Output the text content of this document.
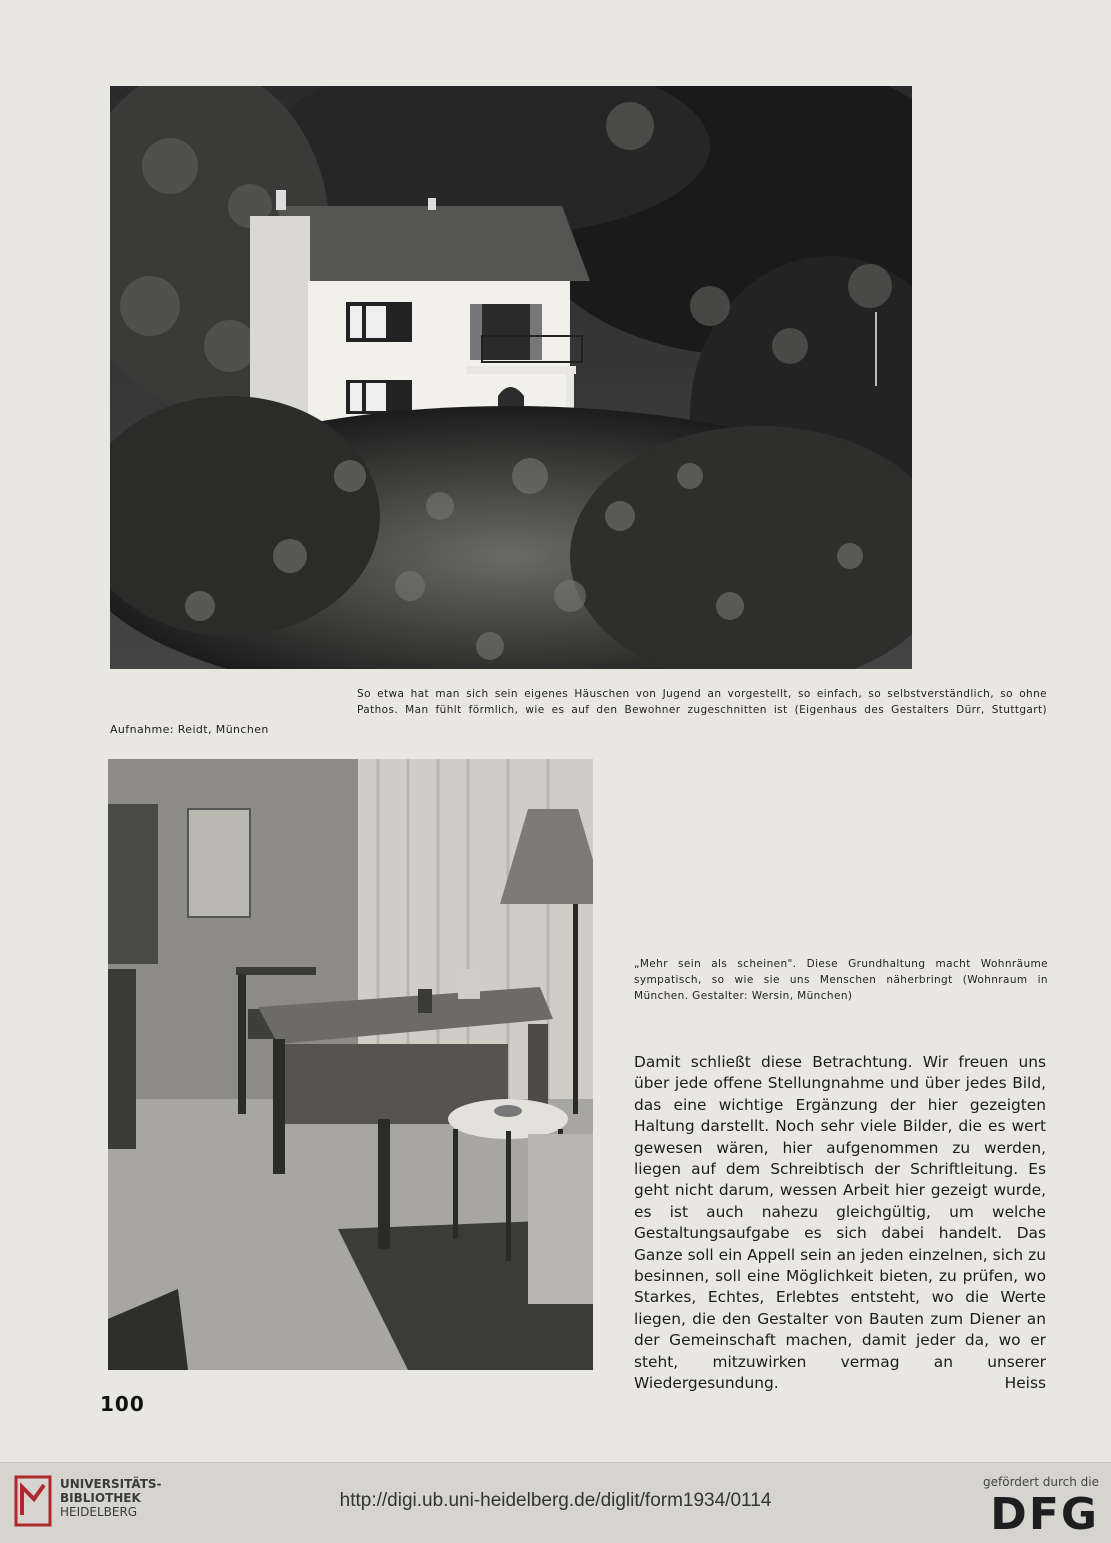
So etwa hat man sich sein eigenes Häuschen von Jugend an vorgestellt, so einfach, so selbstverständlich, so ohne
Pathos. Man fühlt förmlich, wie es auf den Bewohner zugeschnitten ist (Eigenhaus des Gestalters Dürr, Stuttgart)
Aufnahme: Reidt, München
„Mehr sein als scheinen". Diese Grundhaltung macht Wohnräume sympatisch, so wie sie uns Menschen näherbringt (Wohnraum in München. Gestalter: Wersin, München)
Damit schließt diese Betrachtung. Wir freuen uns über jede offene Stellungnahme und über jedes Bild, das eine wichtige Ergänzung der hier gezeigten Haltung darstellt. Noch sehr viele Bilder, die es wert gewesen wären, hier aufgenommen zu werden, liegen auf dem Schreibtisch der Schriftleitung. Es geht nicht darum, wessen Arbeit hier gezeigt wurde, es ist auch nahezu gleichgültig, um welche Gestaltungsaufgabe es sich dabei handelt. Das Ganze soll ein Appell sein an jeden einzelnen, sich zu besinnen, soll eine Möglichkeit bieten, zu prüfen, wo Starkes, Echtes, Erlebtes entsteht, wo die Werte liegen, die den Gestalter von Bauten zum Diener an der Gemeinschaft machen, damit jeder da, wo er steht, mitzuwirken vermag an unserer Wiedergesundung.	Heiss
100
UNIVERSITÄTS-
BIBLIOTHEK
HEIDELBERG
http://digi.ub.uni-heidelberg.de/diglit/form1934/0114
gefördert durch die
DFG
